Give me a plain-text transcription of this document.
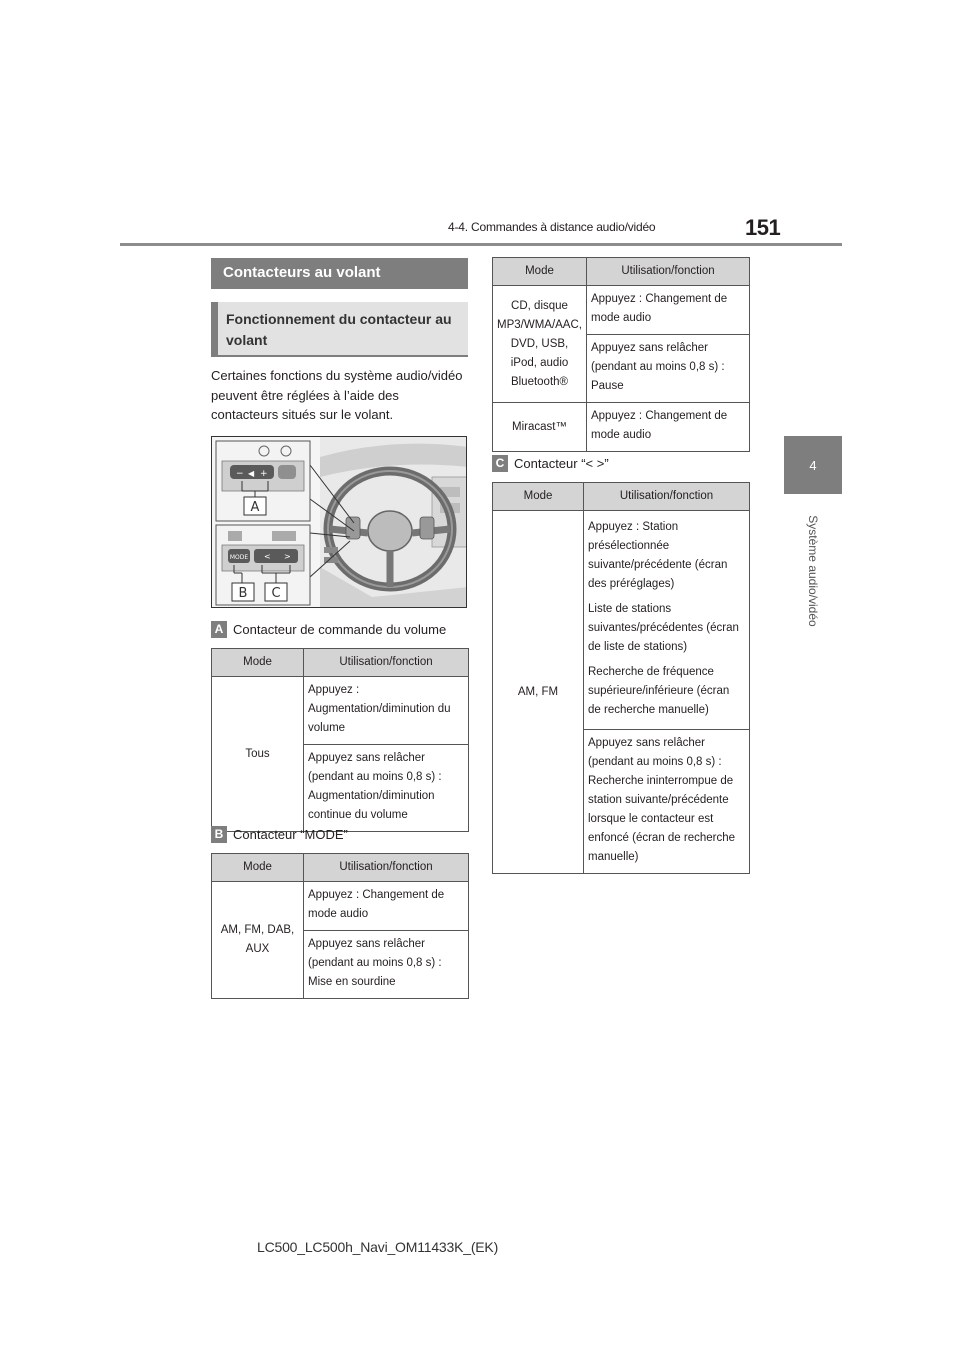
151
4-4. Commandes à distance audio/vidéo
4
Système audio/vidéo
Contacteurs au volant
Fonctionnement du contacteur au volant
Certaines fonctions du système audio/vidéo peuvent être réglées à l’aide des contacteurs situés sur le volant.
− ◀ +
A
MODE < >
B C
A Contacteur de commande du volume
Mode	Utilisation/fonction
Tous	Appuyez : Augmentation/diminution du volume
	Appuyez sans relâcher (pendant au moins 0,8 s) : Augmentation/diminution continue du volume
B Contacteur “MODE”
Mode	Utilisation/fonction
AM, FM, DAB, AUX	Appuyez : Changement de mode audio
	Appuyez sans relâcher (pendant au moins 0,8 s) : Mise en sourdine
Mode	Utilisation/fonction
CD, disque MP3/WMA/AAC, DVD, USB, iPod, audio Bluetooth®	Appuyez : Changement de mode audio
	Appuyez sans relâcher (pendant au moins 0,8 s) : Pause
Miracast™	Appuyez : Changement de mode audio
C Contacteur “< >”
Mode	Utilisation/fonction
AM, FM	Appuyez : Station présélectionnée suivante/précédente (écran des préréglages)
Liste de stations suivantes/précédentes (écran de liste de stations)
Recherche de fréquence supérieure/inférieure (écran de recherche manuelle)

	Appuyez sans relâcher (pendant au moins 0,8 s) : Recherche ininterrompue de station suivante/précédente lorsque le contacteur est enfoncé (écran de recherche manuelle)
LC500_LC500h_Navi_OM11433K_(EK)
